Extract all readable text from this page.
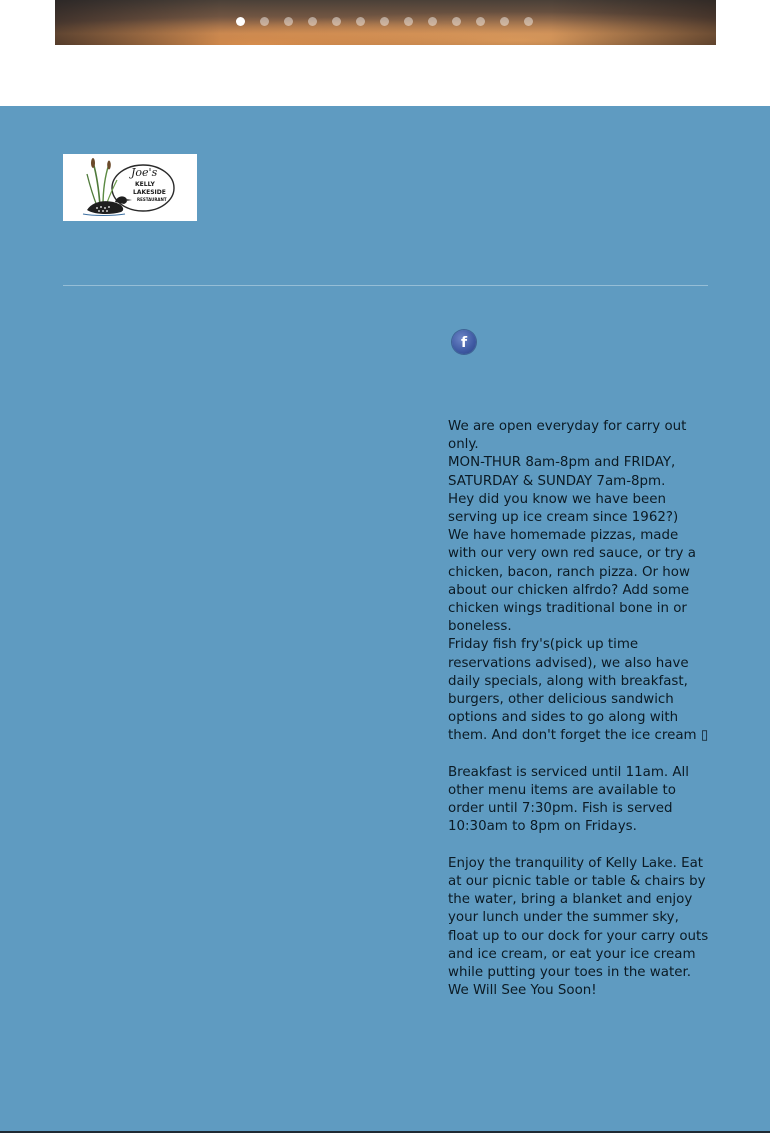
Joe's
KELLY
LAKESIDE
RESTAURANT
f

We are open everyday for carry out only.

MON-THUR 8am-8pm and FRIDAY, SATURDAY & SUNDAY 7am-8pm.

Hey did you know we have been serving up ice cream since 1962?)

We have homemade pizzas, made with our very own red sauce, or try a chicken, bacon, ranch pizza. Or how about our chicken alfrdo? Add some chicken wings traditional bone in or boneless.

Friday fish fry's(pick up time reservations advised), we also have daily specials, along with breakfast, burgers, other delicious sandwich options and sides to go along with them. And don't forget the ice cream ▯

Breakfast is serviced until 11am. All other menu items are available to order until 7:30pm. Fish is served 10:30am to 8pm on Fridays.

Enjoy the tranquility of Kelly Lake. Eat at our picnic table or table & chairs by the water, bring a blanket and enjoy your lunch under the summer sky, float up to our dock for your carry outs and ice cream, or eat your ice cream while putting your toes in the water.

We Will See You Soon!
